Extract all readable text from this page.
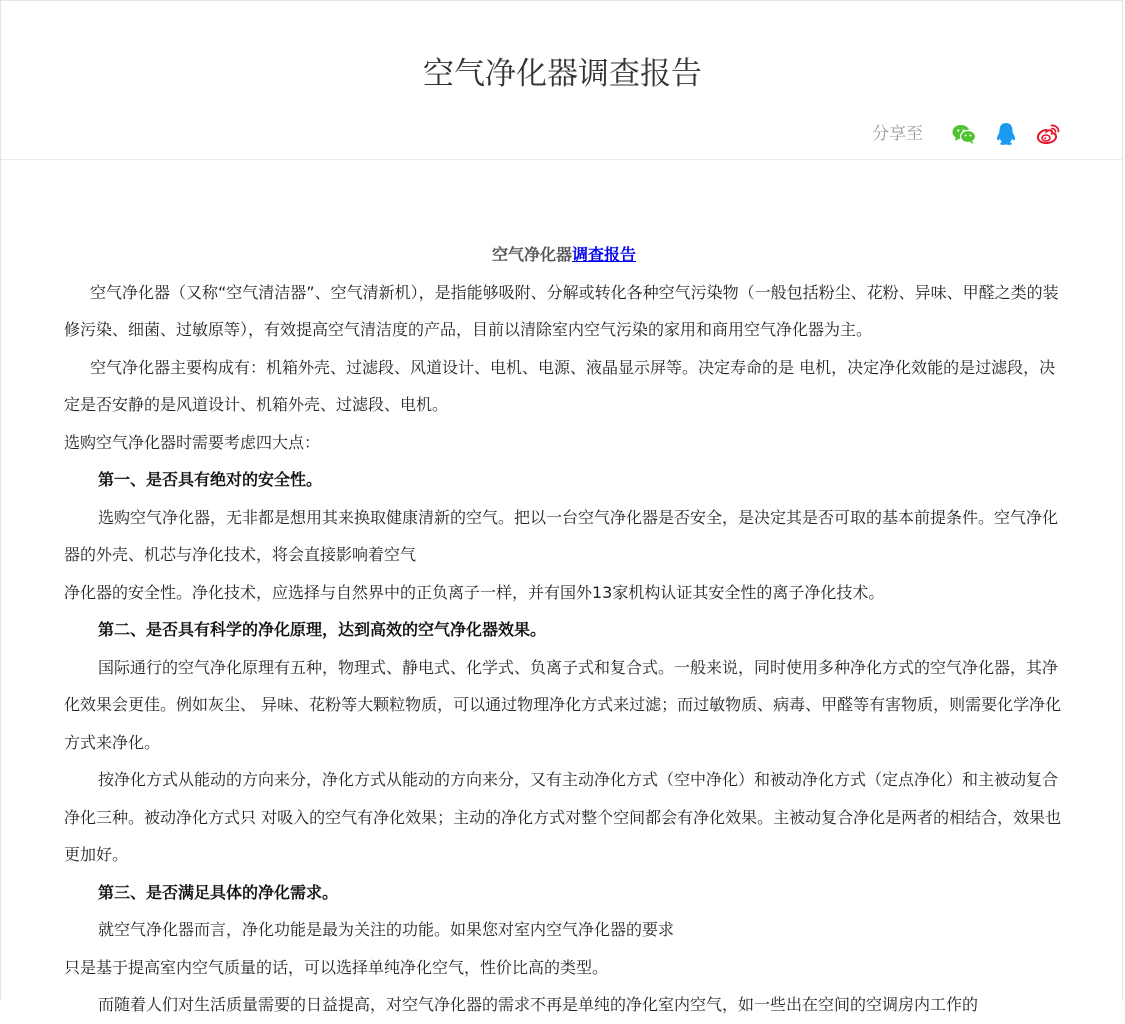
空气净化器调查报告
分享至

空气净化器调查报告

空气净化器（又称“空气清洁器”、空气清新机），是指能够吸附、分解或转化各种空气污染物（一般包括粉尘、花粉、异味、甲醛之类的装修污染、细菌、过敏原等），有效提高空气清洁度的产品，目前以清除室内空气污染的家用和商用空气净化器为主。

空气净化器主要构成有：机箱外壳、过滤段、风道设计、电机、电源、液晶显示屏等。决定寿命的是 电机，决定净化效能的是过滤段，决定是否安静的是风道设计、机箱外壳、过滤段、电机。

选购空气净化器时需要考虑四大点：

第一、是否具有绝对的安全性。

选购空气净化器，无非都是想用其来换取健康清新的空气。把以一台空气净化器是否安全，是决定其是否可取的基本前提条件。空气净化器的外壳、机芯与净化技术，将会直接影响着空气

净化器的安全性。净化技术，应选择与自然界中的正负离子一样，并有国外13家机构认证其安全性的离子净化技术。

第二、是否具有科学的净化原理，达到高效的空气净化器效果。

国际通行的空气净化原理有五种，物理式、静电式、化学式、负离子式和复合式。一般来说，同时使用多种净化方式的空气净化器，其净化效果会更佳。例如灰尘、 异味、花粉等大颗粒物质，可以通过物理净化方式来过滤；而过敏物质、病毒、甲醛等有害物质，则需要化学净化方式来净化。

按净化方式从能动的方向来分，净化方式从能动的方向来分，又有主动净化方式（空中净化）和被动净化方式（定点净化）和主被动复合净化三种。被动净化方式只 对吸入的空气有净化效果；主动的净化方式对整个空间都会有净化效果。主被动复合净化是两者的相结合，效果也更加好。

第三、是否满足具体的净化需求。

就空气净化器而言，净化功能是最为关注的功能。如果您对室内空气净化器的要求

只是基于提高室内空气质量的话，可以选择单纯净化空气，性价比高的类型。

而随着人们对生活质量需要的日益提高，对空气净化器的需求不再是单纯的净化室内空气，如一些出在空间的空调房内工作的
